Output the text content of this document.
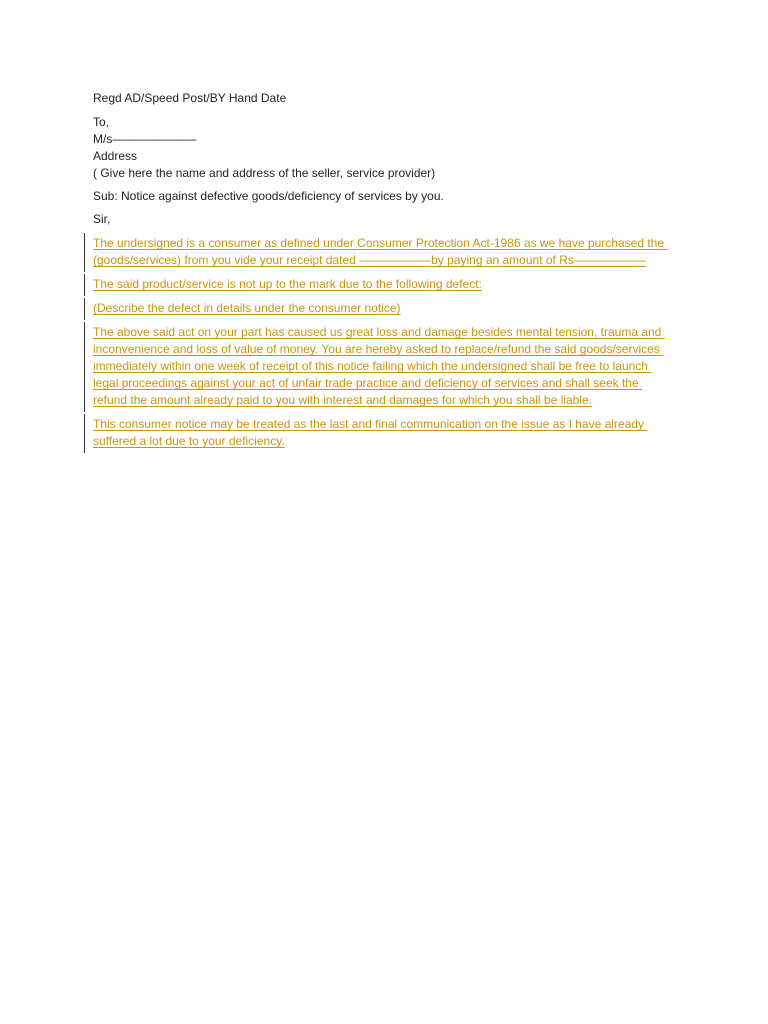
Regd AD/Speed Post/BY Hand Date

To,

M/s———————

Address

( Give here the name and address of the seller, service provider)

Sub: Notice against defective goods/deficiency of services by you.

Sir,

The undersigned is a consumer as defined under Consumer Protection Act-1986 as we have purchased the (goods/services) from you vide your receipt dated ——————by paying an amount of Rs——————
The said product/service is not up to the mark due to the following defect:
(Describe the defect in details under the consumer notice)
The above said act on your part has caused us great loss and damage besides mental tension, trauma and inconvenience and loss of value of money. You are hereby asked to replace/refund the said goods/services immediately within one week of receipt of this notice failing which the undersigned shall be free to launch legal proceedings against your act of unfair trade practice and deficiency of services and shall seek the refund the amount already paid to you with interest and damages for which you shall be liable.
This consumer notice may be treated as the last and final communication on the issue as I have already suffered a lot due to your deficiency.
